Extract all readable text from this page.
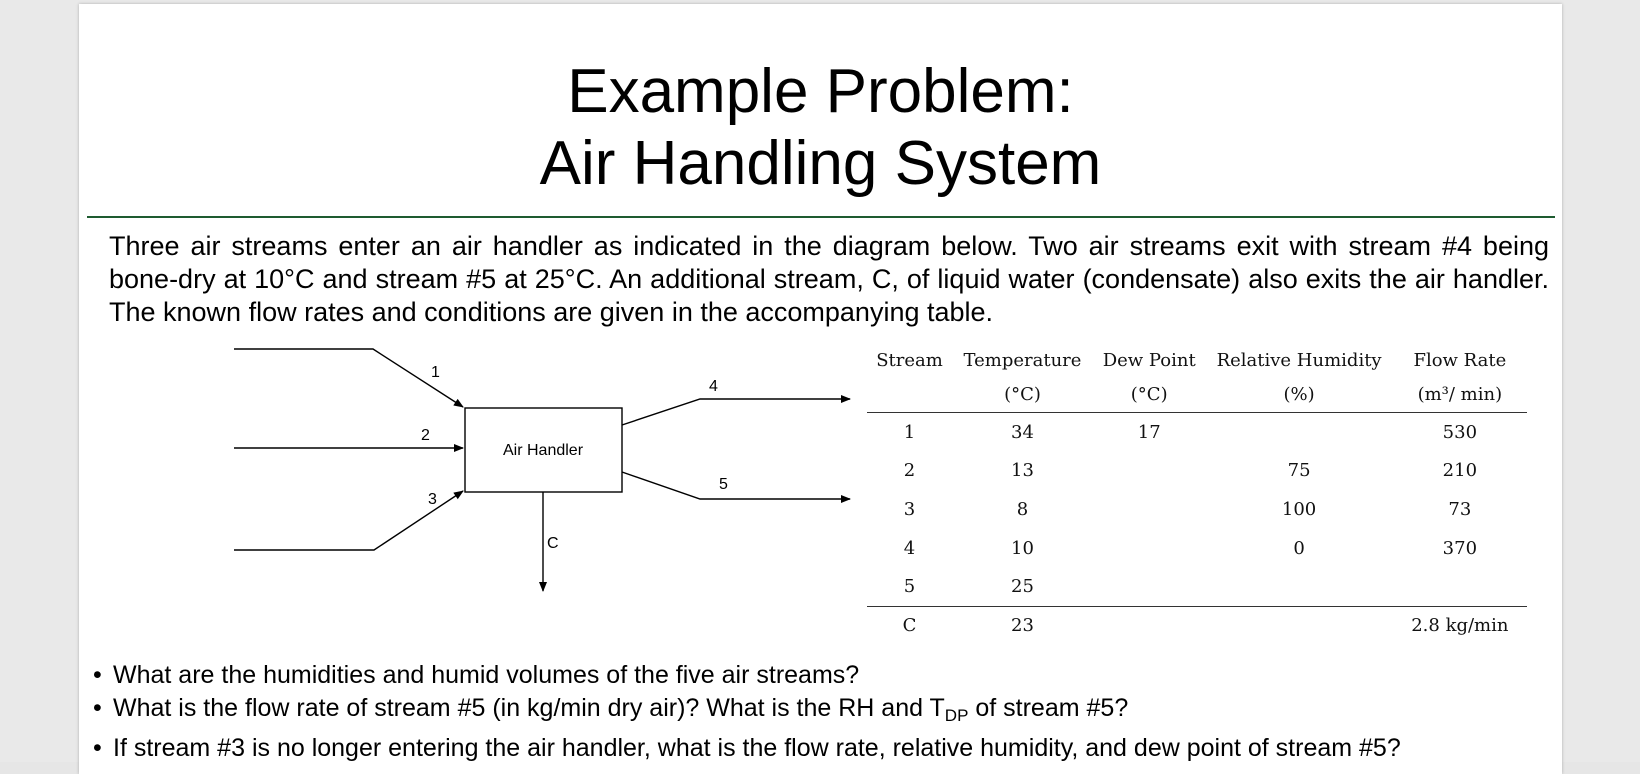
Example Problem:
Air Handling System
Three air streams enter an air handler as indicated in the diagram below. Two air streams exit with stream #4 being bone-dry at 10°C and stream #5 at 25°C. An additional stream, C, of liquid water (condensate) also exits the air handler. The known flow rates and conditions are given in the accompanying table.
Air Handler
1
2
3
4
5
C
Stream	Temperature	Dew Point	Relative Humidity	Flow Rate
	(°C)	(°C)	(%)	(m³/ min)
1	34	17		530
2	13		75	210
3	8		100	73
4	10		0	370
5	25			
C	23			2.8 kg/min
• What are the humidities and humid volumes of the five air streams?
• What is the flow rate of stream #5 (in kg/min dry air)? What is the RH and $T_{DP}$ of stream #5?
• If stream #3 is no longer entering the air handler, what is the flow rate, relative humidity, and dew point of stream #5?
